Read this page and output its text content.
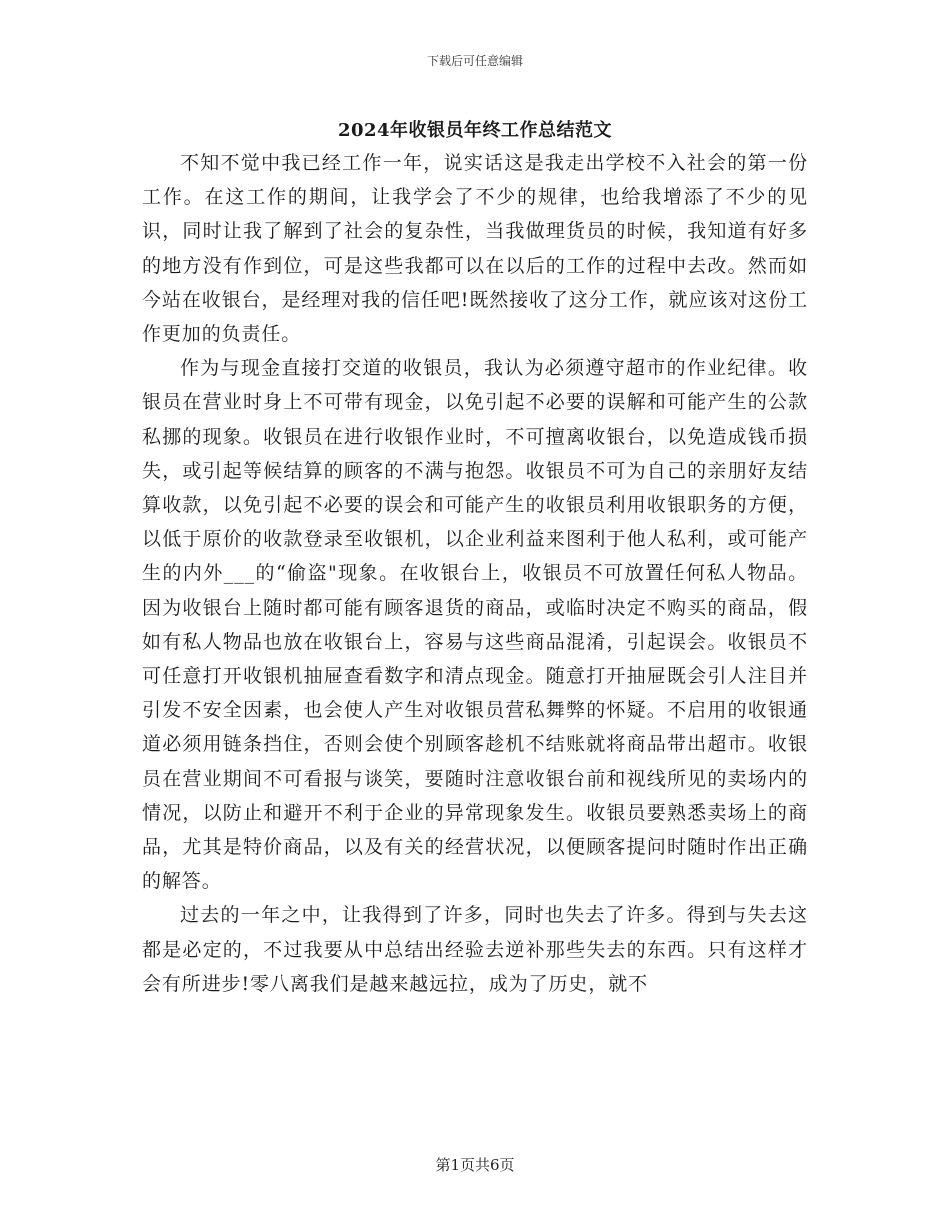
下载后可任意编辑
2024年收银员年终工作总结范文

不知不觉中我已经工作一年，说实话这是我走出学校不入社会的第一份工作。在这工作的期间，让我学会了不少的规律，也给我增添了不少的见识，同时让我了解到了社会的复杂性，当我做理货员的时候，我知道有好多的地方没有作到位，可是这些我都可以在以后的工作的过程中去改。然而如今站在收银台，是经理对我的信任吧!既然接收了这分工作，就应该对这份工作更加的负责任。

作为与现金直接打交道的收银员，我认为必须遵守超市的作业纪律。收银员在营业时身上不可带有现金，以免引起不必要的误解和可能产生的公款私挪的现象。收银员在进行收银作业时，不可擅离收银台，以免造成钱币损失，或引起等候结算的顾客的不满与抱怨。收银员不可为自己的亲朋好友结算收款，以免引起不必要的误会和可能产生的收银员利用收银职务的方便，以低于原价的收款登录至收银机，以企业利益来图利于他人私利，或可能产生的内外___的“偷盗"现象。在收银台上，收银员不可放置任何私人物品。因为收银台上随时都可能有顾客退货的商品，或临时决定不购买的商品，假如有私人物品也放在收银台上，容易与这些商品混淆，引起误会。收银员不可任意打开收银机抽屉查看数字和清点现金。随意打开抽屉既会引人注目并引发不安全因素，也会使人产生对收银员营私舞弊的怀疑。不启用的收银通道必须用链条挡住，否则会使个别顾客趁机不结账就将商品带出超市。收银员在营业期间不可看报与谈笑，要随时注意收银台前和视线所见的卖场内的情况，以防止和避开不利于企业的异常现象发生。收银员要熟悉卖场上的商品，尤其是特价商品，以及有关的经营状况，以便顾客提问时随时作出正确的解答。

过去的一年之中，让我得到了许多，同时也失去了许多。得到与失去这都是必定的，不过我要从中总结出经验去逆补那些失去的东西。只有这样才会有所进步!零八离我们是越来越远拉，成为了历史，就不

第1页共6页
